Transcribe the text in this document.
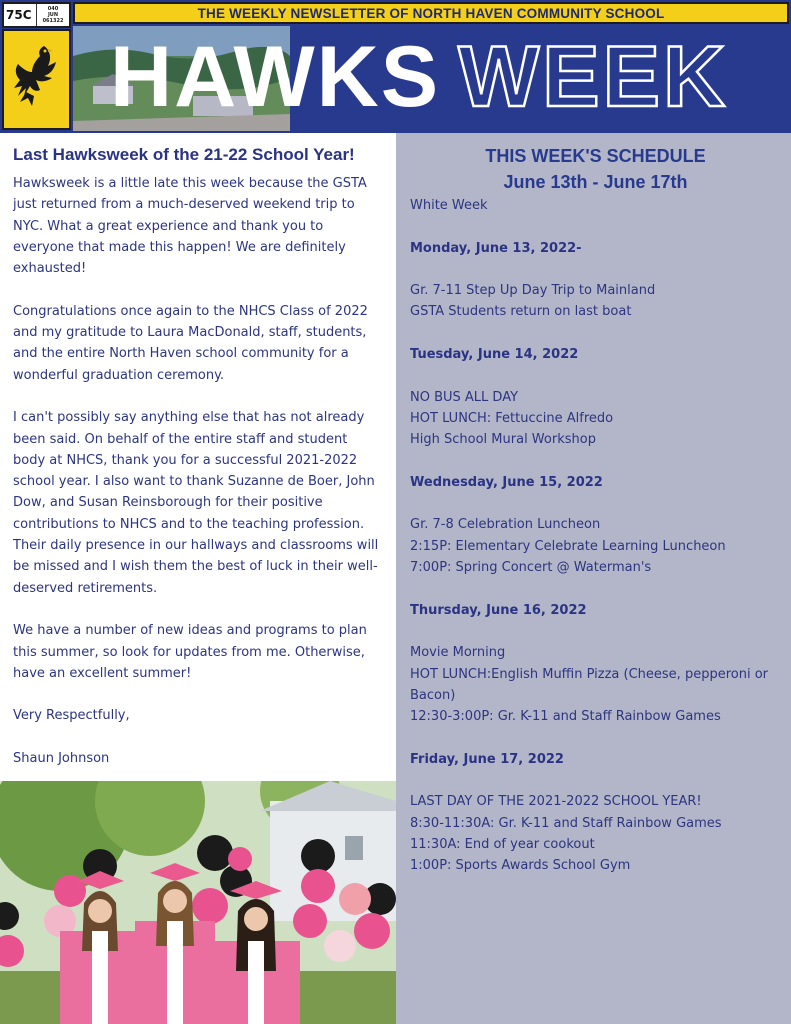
75C	040
JUN
061322
THE WEEKLY NEWSLETTER OF NORTH HAVEN COMMUNITY SCHOOL
HAWKS WEEK
Last Hawksweek of the 21-22 School Year!

Hawksweek is a little late this week because the GSTA just returned from a much-deserved weekend trip to NYC. What a great experience and thank you to everyone that made this happen! We are definitely exhausted!

Congratulations once again to the NHCS Class of 2022 and my gratitude to Laura MacDonald, staff, students, and the entire North Haven school community for a wonderful graduation ceremony.

I can't possibly say anything else that has not already been said. On behalf of the entire staff and student body at NHCS, thank you for a successful 2021-2022 school year. I also want to thank Suzanne de Boer, John Dow, and Susan Reinsborough for their positive contributions to NHCS and to the teaching profession. Their daily presence in our hallways and classrooms will be missed and I wish them the best of luck in their well-deserved retirements.

We have a number of new ideas and programs to plan this summer, so look for updates from me. Otherwise, have an excellent summer!

Very Respectfully,

Shaun Johnson

THIS WEEK'S SCHEDULE
June 13th - June 17th

White Week

Monday, June 13, 2022-

Gr. 7-11 Step Up Day Trip to Mainland

GSTA Students return on last boat

Tuesday, June 14, 2022

NO BUS ALL DAY

HOT LUNCH: Fettuccine Alfredo

High School Mural Workshop

Wednesday, June 15, 2022

Gr. 7-8 Celebration Luncheon

2:15P: Elementary Celebrate Learning Luncheon

7:00P: Spring Concert @ Waterman's

Thursday, June 16, 2022

Movie Morning

HOT LUNCH:English Muffin Pizza (Cheese, pepperoni or Bacon)

12:30-3:00P: Gr. K-11 and Staff Rainbow Games

Friday, June 17, 2022

LAST DAY OF THE 2021-2022 SCHOOL YEAR!

8:30-11:30A: Gr. K-11 and Staff Rainbow Games

11:30A: End of year cookout

1:00P: Sports Awards School Gym
